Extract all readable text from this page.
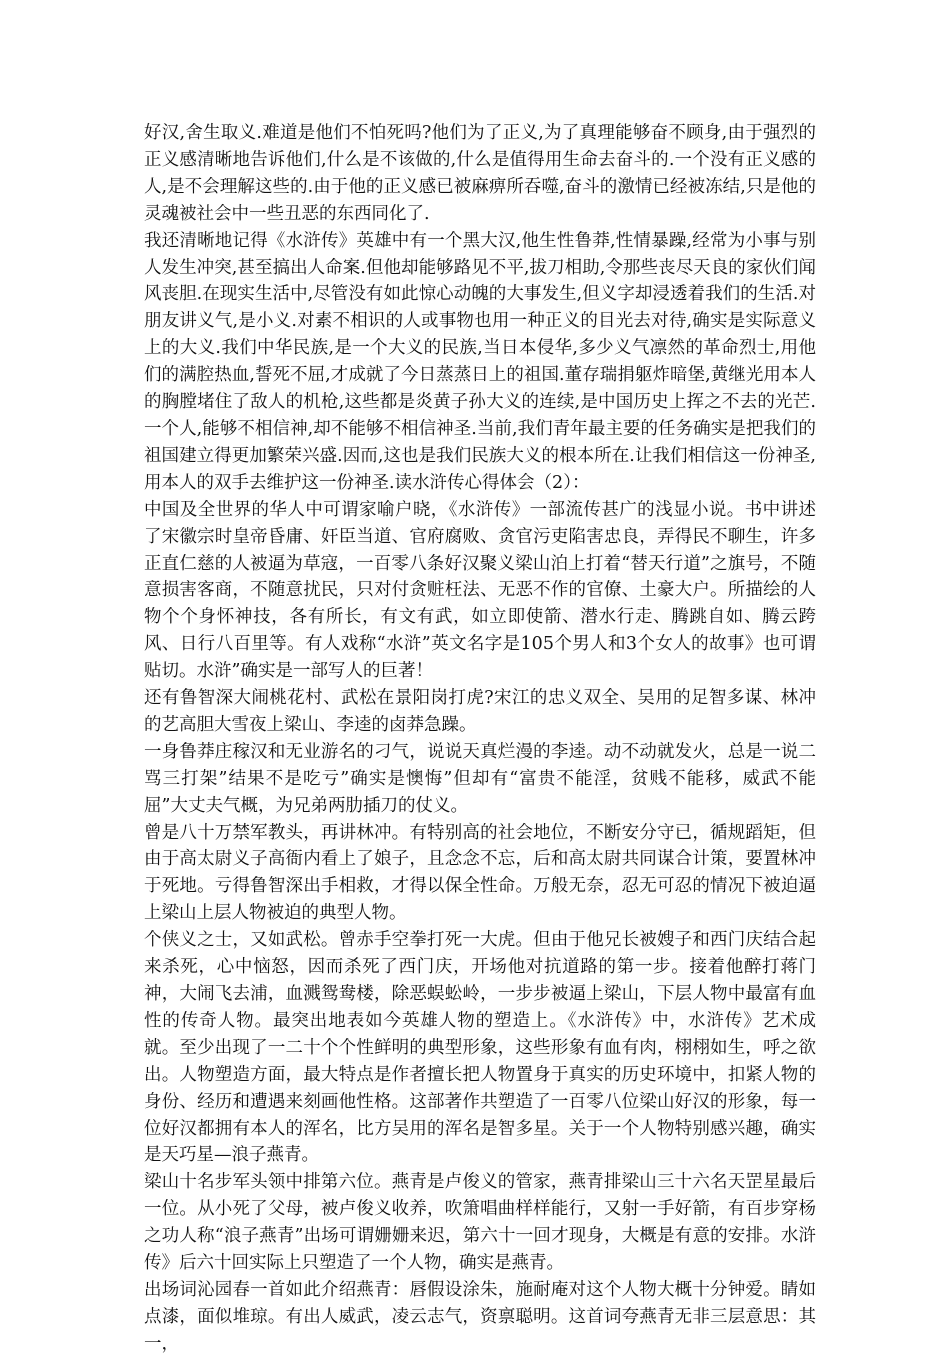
好汉,舍生取义.难道是他们不怕死吗?他们为了正义,为了真理能够奋不顾身,由于强烈的正义感清晰地告诉他们,什么是不该做的,什么是值得用生命去奋斗的.一个没有正义感的人,是不会理解这些的.由于他的正义感已被麻痹所吞噬,奋斗的激情已经被冻结,只是他的灵魂被社会中一些丑恶的东西同化了.

我还清晰地记得《水浒传》英雄中有一个黑大汉,他生性鲁莽,性情暴躁,经常为小事与别人发生冲突,甚至搞出人命案.但他却能够路见不平,拔刀相助,令那些丧尽天良的家伙们闻风丧胆.在现实生活中,尽管没有如此惊心动魄的大事发生,但义字却浸透着我们的生活.对朋友讲义气,是小义.对素不相识的人或事物也用一种正义的目光去对待,确实是实际意义上的大义.我们中华民族,是一个大义的民族,当日本侵华,多少义气凛然的革命烈士,用他们的满腔热血,誓死不屈,才成就了今日蒸蒸日上的祖国.董存瑞捐躯炸暗堡,黄继光用本人的胸膛堵住了敌人的机枪,这些都是炎黄子孙大义的连续,是中国历史上挥之不去的光芒.一个人,能够不相信神,却不能够不相信神圣.当前,我们青年最主要的任务确实是把我们的祖国建立得更加繁荣兴盛.因而,这也是我们民族大义的根本所在.让我们相信这一份神圣,用本人的双手去维护这一份神圣.读水浒传心得体会（2）：

中国及全世界的华人中可谓家喻户晓，《水浒传》一部流传甚广的浅显小说。书中讲述了宋徽宗时皇帝昏庸、奸臣当道、官府腐败、贪官污吏陷害忠良，弄得民不聊生，许多正直仁慈的人被逼为草寇，一百零八条好汉聚义梁山泊上打着“替天行道”之旗号，不随意损害客商，不随意扰民，只对付贪赃枉法、无恶不作的官僚、土豪大户。所描绘的人物个个身怀神技，各有所长，有文有武，如立即使箭、潜水行走、腾跳自如、腾云跨风、日行八百里等。有人戏称“水浒”英文名字是105个男人和3个女人的故事》也可谓贴切。水浒”确实是一部写人的巨著！

还有鲁智深大闹桃花村、武松在景阳岗打虎?宋江的忠义双全、吴用的足智多谋、林冲的艺高胆大雪夜上梁山、李逵的卤莽急躁。

一身鲁莽庄稼汉和无业游名的刁气，说说天真烂漫的李逵。动不动就发火，总是一说二骂三打架”结果不是吃亏”确实是懊悔”但却有“富贵不能淫，贫贱不能移，威武不能屈”大丈夫气概，为兄弟两肋插刀的仗义。

曾是八十万禁军教头，再讲林冲。有特别高的社会地位，不断安分守已，循规蹈矩，但由于高太尉义子高衙内看上了娘子，且念念不忘，后和高太尉共同谋合计策，要置林冲于死地。亏得鲁智深出手相救，才得以保全性命。万般无奈，忍无可忍的情况下被迫逼上梁山上层人物被迫的典型人物。

个侠义之士，又如武松。曾赤手空拳打死一大虎。但由于他兄长被嫂子和西门庆结合起来杀死，心中恼怒，因而杀死了西门庆，开场他对抗道路的第一步。接着他醉打蒋门神，大闹飞去浦，血溅鸳鸯楼，除恶蜈蚣岭，一步步被逼上梁山，下层人物中最富有血性的传奇人物。最突出地表如今英雄人物的塑造上。《水浒传》中，水浒传》艺术成就。至少出现了一二十个个性鲜明的典型形象，这些形象有血有肉，栩栩如生，呼之欲出。人物塑造方面，最大特点是作者擅长把人物置身于真实的历史环境中，扣紧人物的身份、经历和遭遇来刻画他性格。这部著作共塑造了一百零八位梁山好汉的形象，每一位好汉都拥有本人的浑名，比方吴用的浑名是智多星。关于一个人物特别感兴趣，确实是天巧星—浪子燕青。

梁山十名步军头领中排第六位。燕青是卢俊义的管家，燕青排梁山三十六名天罡星最后一位。从小死了父母，被卢俊义收养，吹箫唱曲样样能行，又射一手好箭，有百步穿杨之功人称“浪子燕青”出场可谓姗姗来迟，第六十一回才现身，大概是有意的安排。水浒传》后六十回实际上只塑造了一个人物，确实是燕青。

出场词沁园春一首如此介绍燕青：唇假设涂朱，施耐庵对这个人物大概十分钟爱。睛如点漆，面似堆琼。有出人威武，凌云志气，资禀聪明。这首词夸燕青无非三层意思：其一，
